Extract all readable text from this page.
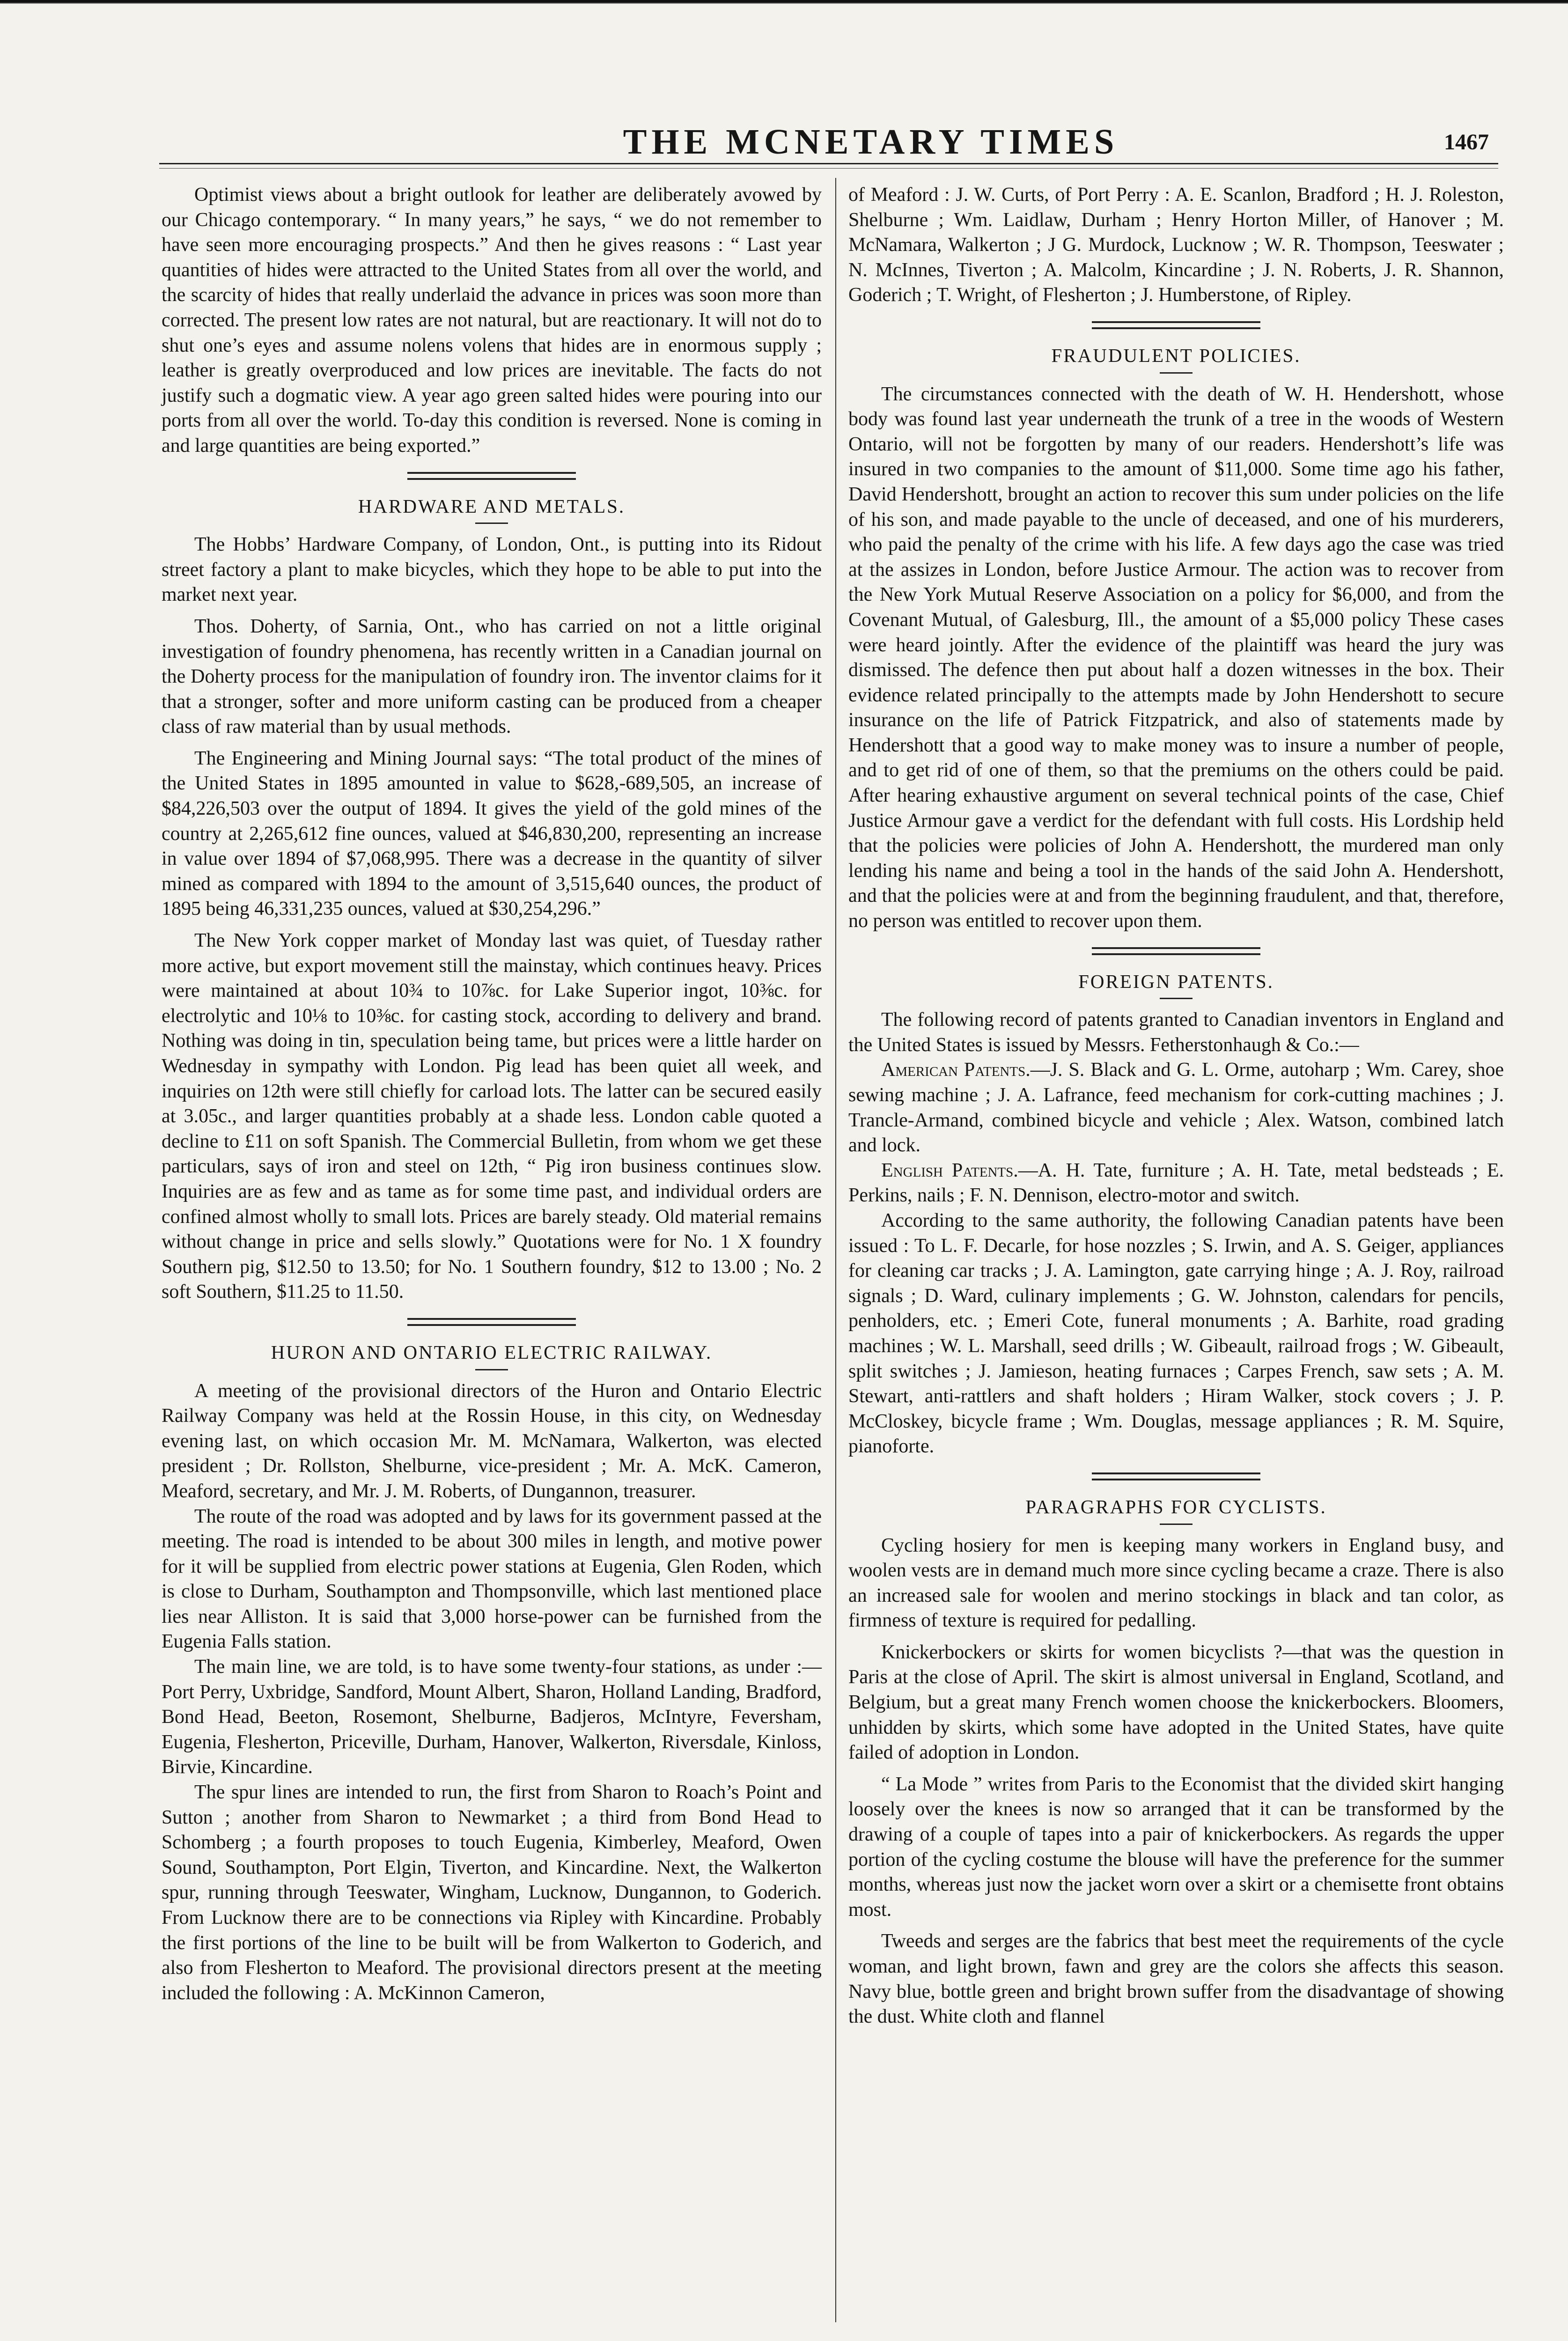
THE MCNETARY TIMES	1467

Optimist views about a bright outlook for leather are deliberately avowed by our Chicago contemporary. “ In many years,” he says, “ we do not remember to have seen more encouraging prospects.” And then he gives reasons : “ Last year quantities of hides were attracted to the United States from all over the world, and the scarcity of hides that really underlaid the advance in prices was soon more than corrected. The present low rates are not natural, but are reactionary. It will not do to shut one’s eyes and assume nolens volens that hides are in enormous supply ; leather is greatly overproduced and low prices are inevitable. The facts do not justify such a dogmatic view. A year ago green salted hides were pouring into our ports from all over the world. To-day this condition is reversed. None is coming in and large quantities are being exported.”

HARDWARE AND METALS.

The Hobbs’ Hardware Company, of London, Ont., is putting into its Ridout street factory a plant to make bicycles, which they hope to be able to put into the market next year.

Thos. Doherty, of Sarnia, Ont., who has carried on not a little original investigation of foundry phenomena, has recently written in a Canadian journal on the Doherty process for the manipulation of foundry iron. The inventor claims for it that a stronger, softer and more uniform casting can be produced from a cheaper class of raw material than by usual methods.

The Engineering and Mining Journal says: “The total product of the mines of the United States in 1895 amounted in value to $628,-689,505, an increase of $84,226,503 over the output of 1894. It gives the yield of the gold mines of the country at 2,265,612 fine ounces, valued at $46,830,200, representing an increase in value over 1894 of $7,068,995. There was a decrease in the quantity of silver mined as compared with 1894 to the amount of 3,515,640 ounces, the product of 1895 being 46,331,235 ounces, valued at $30,254,296.”

The New York copper market of Monday last was quiet, of Tuesday rather more active, but export movement still the mainstay, which continues heavy. Prices were maintained at about 10¾ to 10⅞c. for Lake Superior ingot, 10⅜c. for electrolytic and 10⅛ to 10⅜c. for casting stock, according to delivery and brand. Nothing was doing in tin, speculation being tame, but prices were a little harder on Wednesday in sympathy with London. Pig lead has been quiet all week, and inquiries on 12th were still chiefly for carload lots. The latter can be secured easily at 3.05c., and larger quantities probably at a shade less. London cable quoted a decline to £11 on soft Spanish. The Commercial Bulletin, from whom we get these particulars, says of iron and steel on 12th, “ Pig iron business continues slow. Inquiries are as few and as tame as for some time past, and individual orders are confined almost wholly to small lots. Prices are barely steady. Old material remains without change in price and sells slowly.” Quotations were for No. 1 X foundry Southern pig, $12.50 to 13.50; for No. 1 Southern foundry, $12 to 13.00 ; No. 2 soft Southern, $11.25 to 11.50.

HURON AND ONTARIO ELECTRIC RAILWAY.

A meeting of the provisional directors of the Huron and Ontario Electric Railway Company was held at the Rossin House, in this city, on Wednesday evening last, on which occasion Mr. M. McNamara, Walkerton, was elected president ; Dr. Rollston, Shelburne, vice-president ; Mr. A. McK. Cameron, Meaford, secretary, and Mr. J. M. Roberts, of Dungannon, treasurer.

The route of the road was adopted and by laws for its government passed at the meeting. The road is intended to be about 300 miles in length, and motive power for it will be supplied from electric power stations at Eugenia, Glen Roden, which is close to Durham, Southampton and Thompsonville, which last mentioned place lies near Alliston. It is said that 3,000 horse-power can be furnished from the Eugenia Falls station.

The main line, we are told, is to have some twenty-four stations, as under :—Port Perry, Uxbridge, Sandford, Mount Albert, Sharon, Holland Landing, Bradford, Bond Head, Beeton, Rosemont, Shelburne, Badjeros, McIntyre, Feversham, Eugenia, Flesherton, Priceville, Durham, Hanover, Walkerton, Riversdale, Kinloss, Birvie, Kincardine.

The spur lines are intended to run, the first from Sharon to Roach’s Point and Sutton ; another from Sharon to Newmarket ; a third from Bond Head to Schomberg ; a fourth proposes to touch Eugenia, Kimberley, Meaford, Owen Sound, Southampton, Port Elgin, Tiverton, and Kincardine. Next, the Walkerton spur, running through Teeswater, Wingham, Lucknow, Dungannon, to Goderich. From Lucknow there are to be connections via Ripley with Kincardine. Probably the first portions of the line to be built will be from Walkerton to Goderich, and also from Flesherton to Meaford. The provisional directors present at the meeting included the following : A. McKinnon Cameron,

of Meaford : J. W. Curts, of Port Perry : A. E. Scanlon, Bradford ; H. J. Roleston, Shelburne ; Wm. Laidlaw, Durham ; Henry Horton Miller, of Hanover ; M. McNamara, Walkerton ; J G. Murdock, Lucknow ; W. R. Thompson, Teeswater ; N. McInnes, Tiverton ; A. Malcolm, Kincardine ; J. N. Roberts, J. R. Shannon, Goderich ; T. Wright, of Flesherton ; J. Humberstone, of Ripley.

FRAUDULENT POLICIES.

The circumstances connected with the death of W. H. Hendershott, whose body was found last year underneath the trunk of a tree in the woods of Western Ontario, will not be forgotten by many of our readers. Hendershott’s life was insured in two companies to the amount of $11,000. Some time ago his father, David Hendershott, brought an action to recover this sum under policies on the life of his son, and made payable to the uncle of deceased, and one of his murderers, who paid the penalty of the crime with his life. A few days ago the case was tried at the assizes in London, before Justice Armour. The action was to recover from the New York Mutual Reserve Association on a policy for $6,000, and from the Covenant Mutual, of Galesburg, Ill., the amount of a $5,000 policy These cases were heard jointly. After the evidence of the plaintiff was heard the jury was dismissed. The defence then put about half a dozen witnesses in the box. Their evidence related principally to the attempts made by John Hendershott to secure insurance on the life of Patrick Fitzpatrick, and also of statements made by Hendershott that a good way to make money was to insure a number of people, and to get rid of one of them, so that the premiums on the others could be paid. After hearing exhaustive argument on several technical points of the case, Chief Justice Armour gave a verdict for the defendant with full costs. His Lordship held that the policies were policies of John A. Hendershott, the murdered man only lending his name and being a tool in the hands of the said John A. Hendershott, and that the policies were at and from the beginning fraudulent, and that, therefore, no person was entitled to recover upon them.

FOREIGN PATENTS.

The following record of patents granted to Canadian inventors in England and the United States is issued by Messrs. Fetherstonhaugh & Co.:—

American Patents.—J. S. Black and G. L. Orme, autoharp ; Wm. Carey, shoe sewing machine ; J. A. Lafrance, feed mechanism for cork-cutting machines ; J. Trancle-Armand, combined bicycle and vehicle ; Alex. Watson, combined latch and lock.

English Patents.—A. H. Tate, furniture ; A. H. Tate, metal bedsteads ; E. Perkins, nails ; F. N. Dennison, electro-motor and switch.

According to the same authority, the following Canadian patents have been issued : To L. F. Decarle, for hose nozzles ; S. Irwin, and A. S. Geiger, appliances for cleaning car tracks ; J. A. Lamington, gate carrying hinge ; A. J. Roy, railroad signals ; D. Ward, culinary implements ; G. W. Johnston, calendars for pencils, penholders, etc. ; Emeri Cote, funeral monuments ; A. Barhite, road grading machines ; W. L. Marshall, seed drills ; W. Gibeault, railroad frogs ; W. Gibeault, split switches ; J. Jamieson, heating furnaces ; Carpes French, saw sets ; A. M. Stewart, anti-rattlers and shaft holders ; Hiram Walker, stock covers ; J. P. McCloskey, bicycle frame ; Wm. Douglas, message appliances ; R. M. Squire, pianoforte.

PARAGRAPHS FOR CYCLISTS.

Cycling hosiery for men is keeping many workers in England busy, and woolen vests are in demand much more since cycling became a craze. There is also an increased sale for woolen and merino stockings in black and tan color, as firmness of texture is required for pedalling.

Knickerbockers or skirts for women bicyclists ?—that was the question in Paris at the close of April. The skirt is almost universal in England, Scotland, and Belgium, but a great many French women choose the knickerbockers. Bloomers, unhidden by skirts, which some have adopted in the United States, have quite failed of adoption in London.

“ La Mode ” writes from Paris to the Economist that the divided skirt hanging loosely over the knees is now so arranged that it can be transformed by the drawing of a couple of tapes into a pair of knickerbockers. As regards the upper portion of the cycling costume the blouse will have the preference for the summer months, whereas just now the jacket worn over a skirt or a chemisette front obtains most.

Tweeds and serges are the fabrics that best meet the requirements of the cycle woman, and light brown, fawn and grey are the colors she affects this season. Navy blue, bottle green and bright brown suffer from the disadvantage of showing the dust. White cloth and flannel
